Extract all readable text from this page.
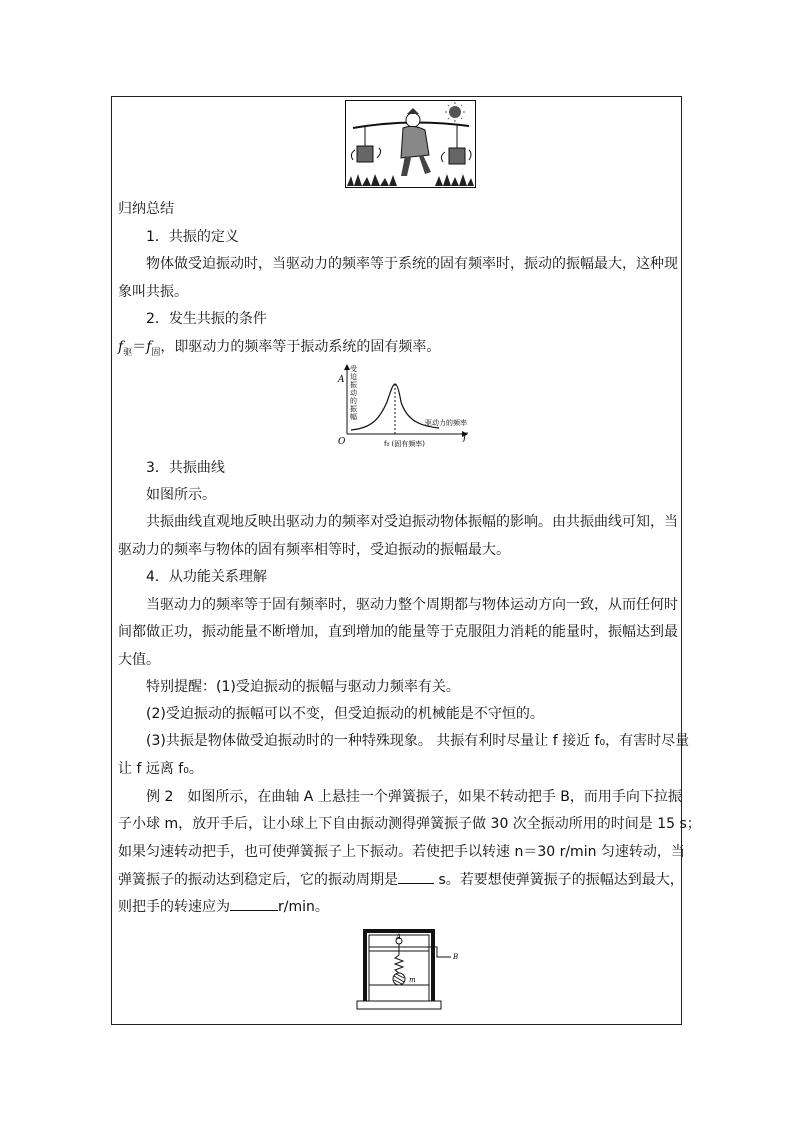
归纳总结
1．共振的定义
物体做受迫振动时，当驱动力的频率等于系统的固有频率时，振动的振幅最大，这种现
象叫共振。
2．发生共振的条件
$f_驱=f_固$，即驱动力的频率等于振动系统的固有频率。
A
f
O
驱动力的频率
f₀ (固有频率)
受
迫
振
动
的
振
幅
3．共振曲线
如图所示。
共振曲线直观地反映出驱动力的频率对受迫振动物体振幅的影响。由共振曲线可知，当
驱动力的频率与物体的固有频率相等时，受迫振动的振幅最大。
4．从功能关系理解
当驱动力的频率等于固有频率时，驱动力整个周期都与物体运动方向一致，从而任何时
间都做正功，振动能量不断增加，直到增加的能量等于克服阻力消耗的能量时，振幅达到最
大值。
特别提醒：(1)受迫振动的振幅与驱动力频率有关。
(2)受迫振动的振幅可以不变，但受迫振动的机械能是不守恒的。
(3)共振是物体做受迫振动时的一种特殊现象。 共振有利时尽量让 f 接近 f₀，有害时尽量
让 f 远离 f₀。
例 2　如图所示，在曲轴 A 上悬挂一个弹簧振子，如果不转动把手 B，而用手向下拉振
子小球 m，放开手后，让小球上下自由振动测得弹簧振子做 30 次全振动所用的时间是 15 s；
如果匀速转动把手，也可使弹簧振子上下振动。若使把手以转速 n＝30 r/min 匀速转动，当
弹簧振子的振动达到稳定后，它的振动周期是	s。若要想使弹簧振子的振幅达到最大，
则把手的转速应为	r/min。
A
B
m
